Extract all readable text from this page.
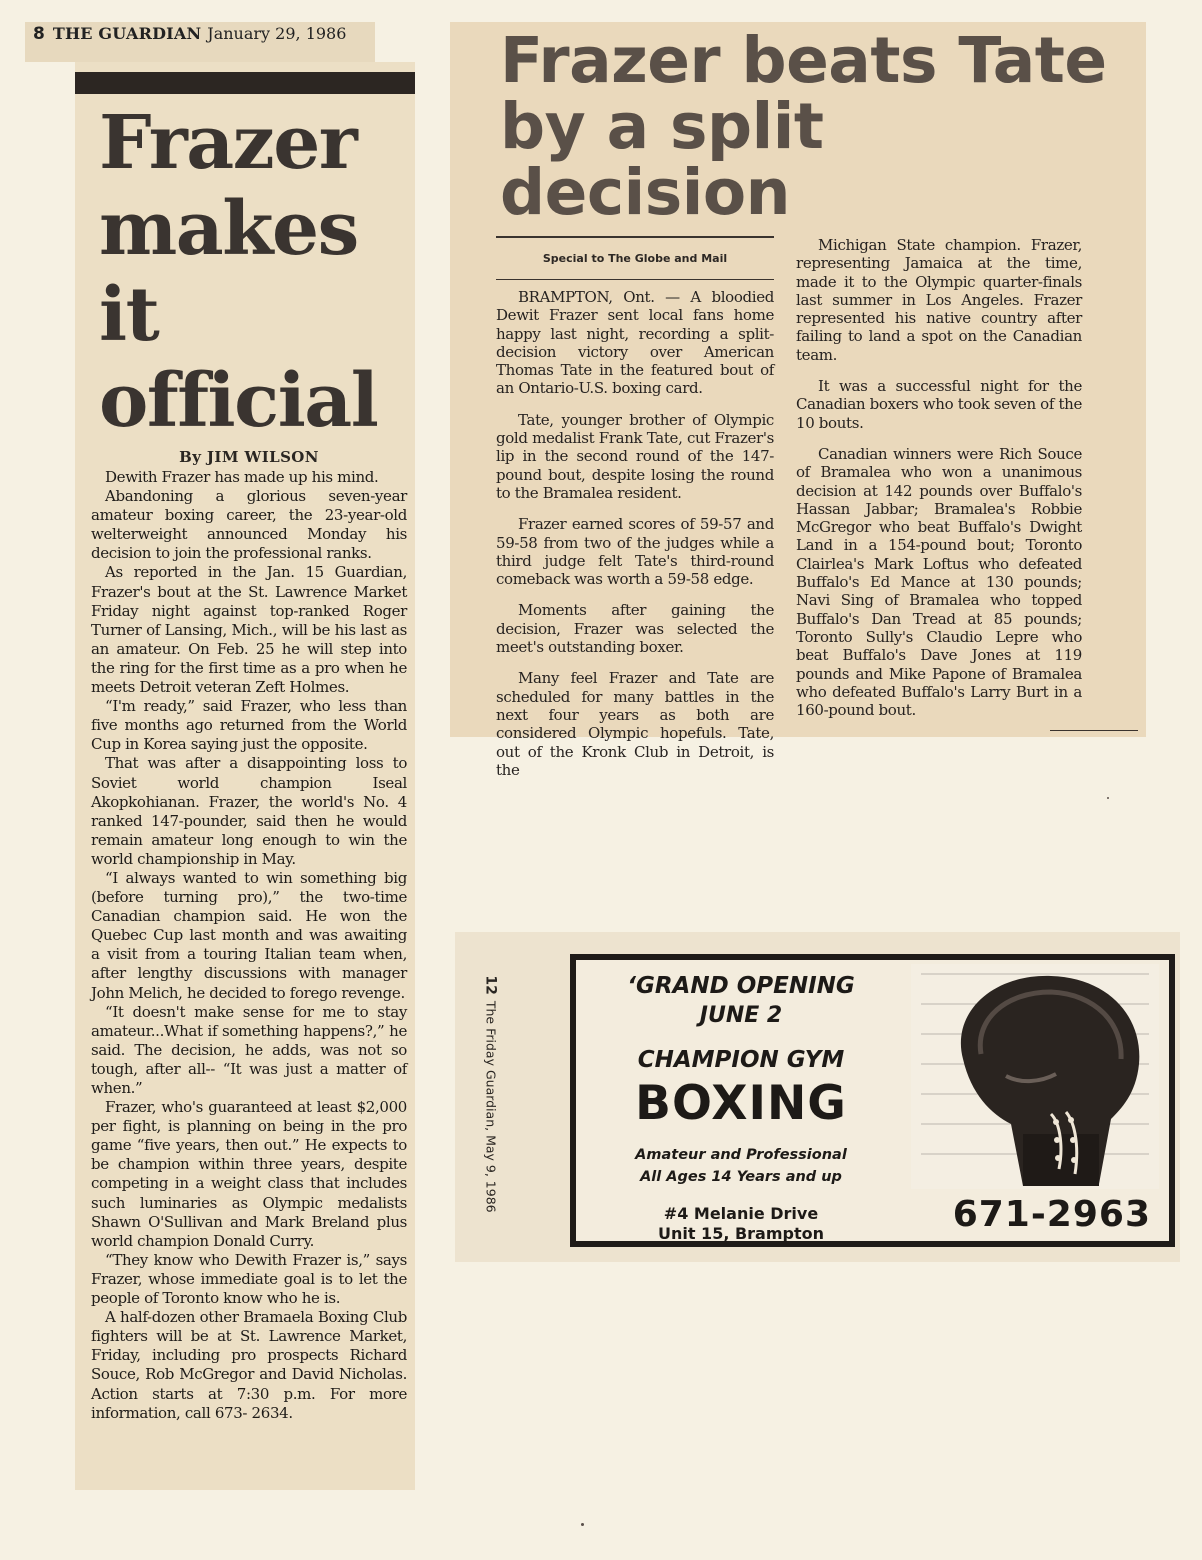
8 THE GUARDIAN January 29, 1986
Frazer
makes it
official
By JIM WILSON

Dewith Frazer has made up his mind.

Abandoning a glorious seven-year amateur boxing career, the 23-year-old welterweight announced Monday his decision to join the professional ranks.

As reported in the Jan. 15 Guardian, Frazer's bout at the St. Lawrence Market Friday night against top-ranked Roger Turner of Lansing, Mich., will be his last as an amateur. On Feb. 25 he will step into the ring for the first time as a pro when he meets Detroit veteran Zeft Holmes.

“I'm ready,” said Frazer, who less than five months ago returned from the World Cup in Korea saying just the opposite.

That was after a disappointing loss to Soviet world champion Iseal Akopkohianan. Frazer, the world's No. 4 ranked 147-pounder, said then he would remain amateur long enough to win the world championship in May.

“I always wanted to win something big (before turning pro),” the two-time Canadian champion said. He won the Quebec Cup last month and was awaiting a visit from a touring Italian team when, after lengthy discussions with manager John Melich, he decided to forego revenge.

“It doesn't make sense for me to stay amateur...What if something happens?,” he said. The decision, he adds, was not so tough, after all-- “It was just a matter of when.”

Frazer, who's guaranteed at least $2,000 per fight, is planning on being in the pro game “five years, then out.” He expects to be champion within three years, despite competing in a weight class that includes such luminaries as Olympic medalists Shawn O'Sullivan and Mark Breland plus world champion Donald Curry.

“They know who Dewith Frazer is,” says Frazer, whose immediate goal is to let the people of Toronto know who he is.

A half-dozen other Bramaela Boxing Club fighters will be at St. Lawrence Market, Friday, including pro prospects Richard Souce, Rob McGregor and David Nicholas. Action starts at 7:30 p.m. For more information, call 673- 2634.

Frazer beats Tate
by a split decision
Special to The Globe and Mail

BRAMPTON, Ont. — A bloodied Dewit Frazer sent local fans home happy last night, recording a split-decision victory over American Thomas Tate in the featured bout of an Ontario-U.S. boxing card.

Tate, younger brother of Olympic gold medalist Frank Tate, cut Frazer's lip in the second round of the 147-pound bout, despite losing the round to the Bramalea resident.

Frazer earned scores of 59-57 and 59-58 from two of the judges while a third judge felt Tate's third-round comeback was worth a 59-58 edge.

Moments after gaining the decision, Frazer was selected the meet's outstanding boxer.

Many feel Frazer and Tate are scheduled for many battles in the next four years as both are considered Olympic hopefuls. Tate, out of the Kronk Club in Detroit, is the

Michigan State champion. Frazer, representing Jamaica at the time, made it to the Olympic quarter-finals last summer in Los Angeles. Frazer represented his native country after failing to land a spot on the Canadian team.

It was a successful night for the Canadian boxers who took seven of the 10 bouts.

Canadian winners were Rich Souce of Bramalea who won a unanimous decision at 142 pounds over Buffalo's Hassan Jabbar; Bramalea's Robbie McGregor who beat Buffalo's Dwight Land in a 154-pound bout; Toronto Clairlea's Mark Loftus who defeated Buffalo's Ed Mance at 130 pounds; Navi Sing of Bramalea who topped Buffalo's Dan Tread at 85 pounds; Toronto Sully's Claudio Lepre who beat Buffalo's Dave Jones at 119 pounds and Mike Papone of Bramalea who defeated Buffalo's Larry Burt in a 160-pound bout.

12The Friday Guardian, May 9, 1986
‘GRAND OPENING
JUNE 2
CHAMPION GYM
BOXING
Amateur and Professional
All Ages 14 Years and up
#4 Melanie Drive
Unit 15, Brampton	671-2963
